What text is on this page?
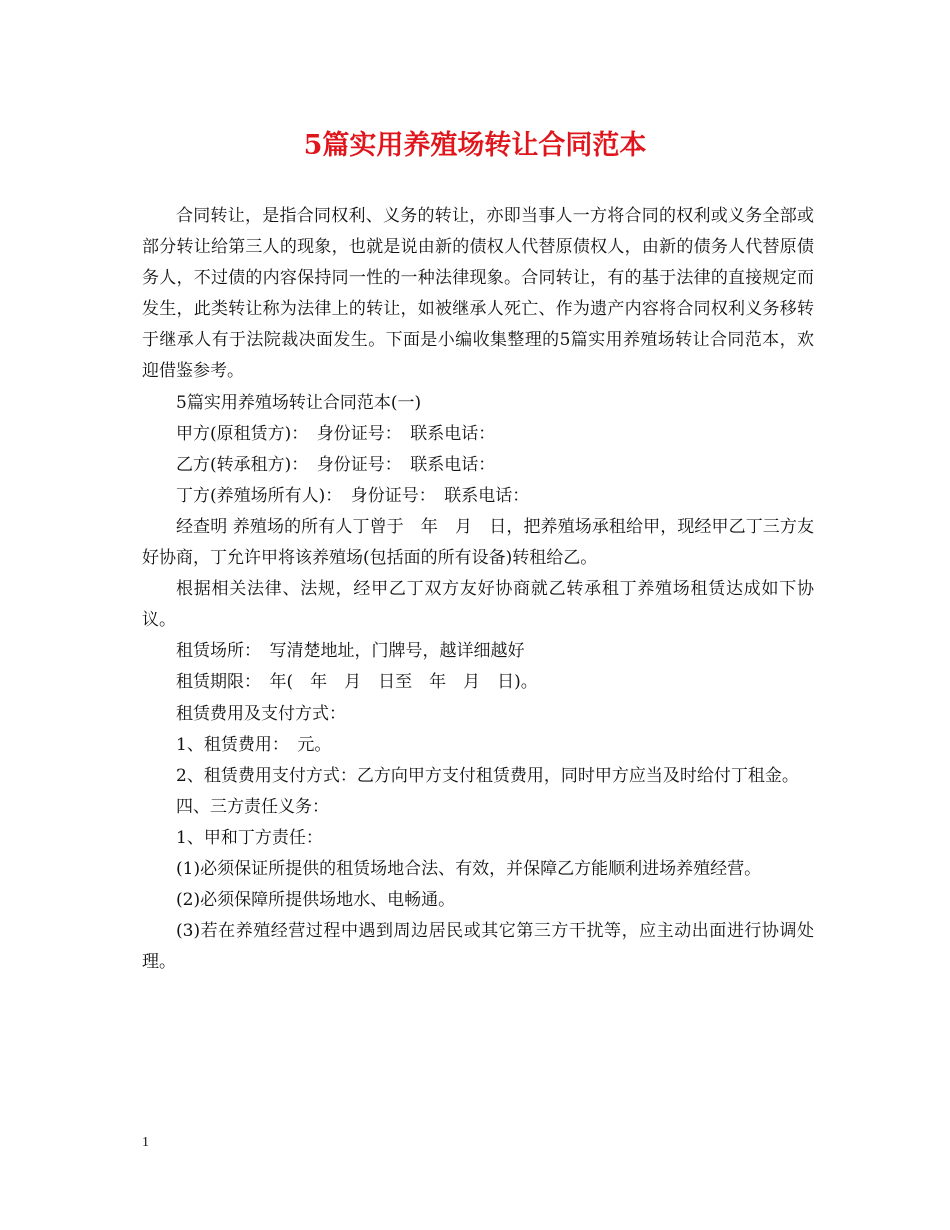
5篇实用养殖场转让合同范本

合同转让，是指合同权利、义务的转让，亦即当事人一方将合同的权利或义务全部或部分转让给第三人的现象，也就是说由新的债权人代替原债权人，由新的债务人代替原债务人，不过债的内容保持同一性的一种法律现象。合同转让，有的基于法律的直接规定而发生，此类转让称为法律上的转让，如被继承人死亡、作为遗产内容将合同权利义务移转于继承人有于法院裁决面发生。下面是小编收集整理的5篇实用养殖场转让合同范本，欢迎借鉴参考。

5篇实用养殖场转让合同范本(一)

甲方(原租赁方)：　身份证号：　联系电话：

乙方(转承租方)：　身份证号：　联系电话：

丁方(养殖场所有人)：　身份证号：　联系电话：

经查明 养殖场的所有人丁曾于　年　月　日，把养殖场承租给甲，现经甲乙丁三方友好协商，丁允许甲将该养殖场(包括面的所有设备)转租给乙。

根据相关法律、法规，经甲乙丁双方友好协商就乙转承租丁养殖场租赁达成如下协议。

租赁场所：　写清楚地址，门牌号，越详细越好

租赁期限：　年(　年　月　日至　年　月　日)。

租赁费用及支付方式：

1、租赁费用：　元。

2、租赁费用支付方式：乙方向甲方支付租赁费用，同时甲方应当及时给付丁租金。

四、三方责任义务：

1、甲和丁方责任：

(1)必须保证所提供的租赁场地合法、有效，并保障乙方能顺利进场养殖经营。

(2)必须保障所提供场地水、电畅通。

(3)若在养殖经营过程中遇到周边居民或其它第三方干扰等，应主动出面进行协调处理。

1
